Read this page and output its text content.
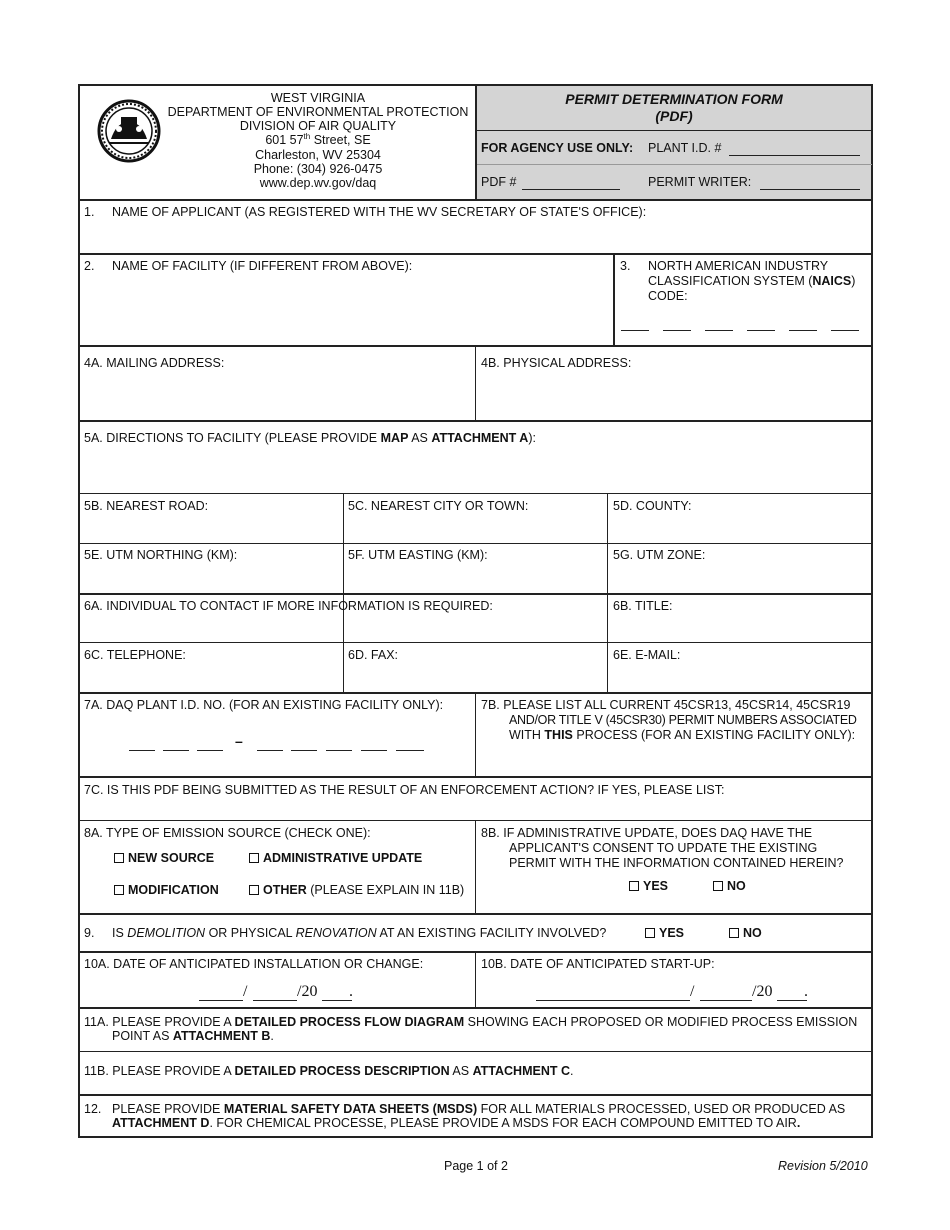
WEST VIRGINIA
DEPARTMENT OF ENVIRONMENTAL PROTECTION
DIVISION OF AIR QUALITY
601 57th Street, SE
Charleston, WV 25304
Phone: (304) 926-0475
www.dep.wv.gov/daq
PERMIT DETERMINATION FORM
(PDF)
FOR AGENCY USE ONLY: PLANT I.D. #
PDF #	PERMIT WRITER:
1. NAME OF APPLICANT (AS REGISTERED WITH THE WV SECRETARY OF STATE'S OFFICE):
2. NAME OF FACILITY (IF DIFFERENT FROM ABOVE):	3. NORTH AMERICAN INDUSTRY
CLASSIFICATION SYSTEM (NAICS)
CODE:
4A. MAILING ADDRESS:	4B. PHYSICAL ADDRESS:
5A. DIRECTIONS TO FACILITY (PLEASE PROVIDE MAP AS ATTACHMENT A):
5B. NEAREST ROAD:	5C. NEAREST CITY OR TOWN:	5D. COUNTY:
5E. UTM NORTHING (KM):	5F. UTM EASTING (KM):	5G. UTM ZONE:
6A. INDIVIDUAL TO CONTACT IF MORE INFORMATION IS REQUIRED:	6B. TITLE:
6C. TELEPHONE:	6D. FAX:	6E. E-MAIL:
7A. DAQ PLANT I.D. NO. (FOR AN EXISTING FACILITY ONLY):
–
7B. PLEASE LIST ALL CURRENT 45CSR13, 45CSR14, 45CSR19
AND/OR TITLE V (45CSR30) PERMIT NUMBERS ASSOCIATED
WITH THIS PROCESS (FOR AN EXISTING FACILITY ONLY):
7C. IS THIS PDF BEING SUBMITTED AS THE RESULT OF AN ENFORCEMENT ACTION? IF YES, PLEASE LIST:
8A. TYPE OF EMISSION SOURCE (CHECK ONE):
NEW SOURCE	ADMINISTRATIVE UPDATE
MODIFICATION	OTHER (PLEASE EXPLAIN IN 11B)
8B. IF ADMINISTRATIVE UPDATE, DOES DAQ HAVE THE
APPLICANT'S CONSENT TO UPDATE THE EXISTING
PERMIT WITH THE INFORMATION CONTAINED HEREIN?
YES	NO
9. IS DEMOLITION OR PHYSICAL RENOVATION AT AN EXISTING FACILITY INVOLVED?	YES	NO
10A. DATE OF ANTICIPATED INSTALLATION OR CHANGE:
/	/20 .
10B. DATE OF ANTICIPATED START-UP:
/	/20 .
11A. PLEASE PROVIDE A DETAILED PROCESS FLOW DIAGRAM SHOWING EACH PROPOSED OR MODIFIED PROCESS EMISSION
POINT AS ATTACHMENT B.
11B. PLEASE PROVIDE A DETAILED PROCESS DESCRIPTION AS ATTACHMENT C.
12. PLEASE PROVIDE MATERIAL SAFETY DATA SHEETS (MSDS) FOR ALL MATERIALS PROCESSED, USED OR PRODUCED AS
ATTACHMENT D. FOR CHEMICAL PROCESSE, PLEASE PROVIDE A MSDS FOR EACH COMPOUND EMITTED TO AIR.
Page 1 of 2	Revision 5/2010
